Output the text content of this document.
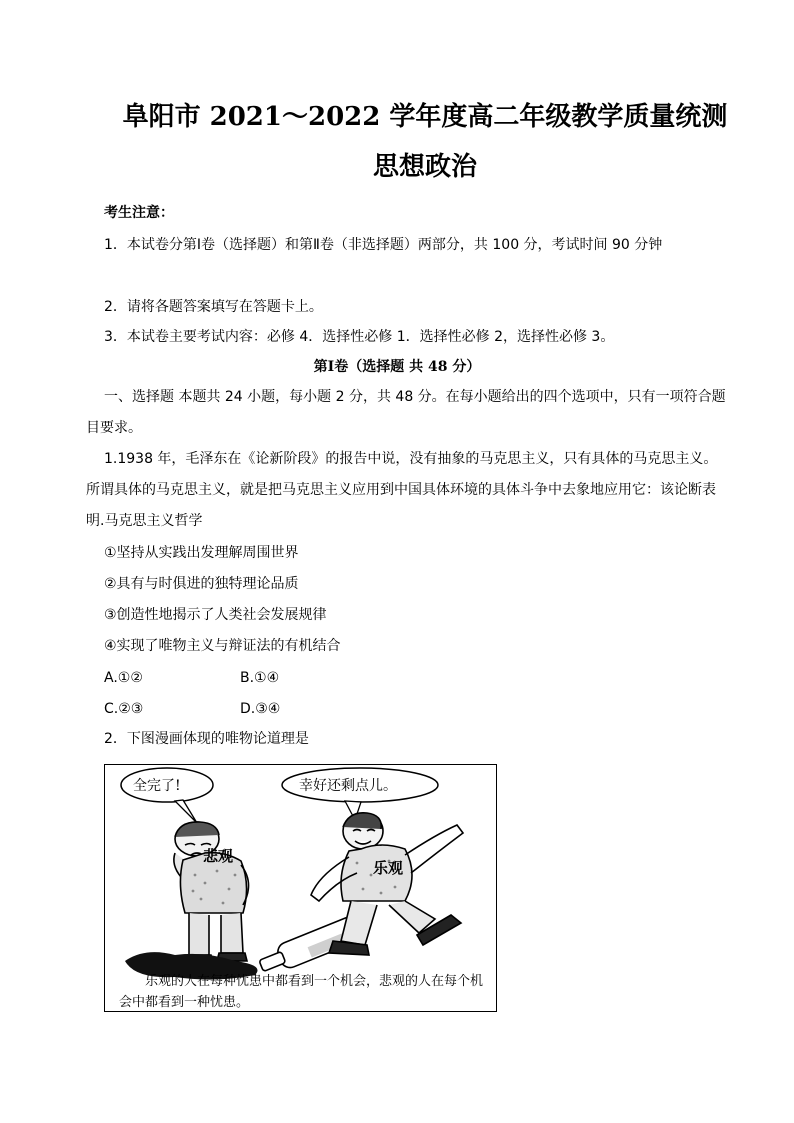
阜阳市 2021～2022 学年度高二年级教学质量统测
思想政治
考生注意：
1．本试卷分第Ⅰ卷（选择题）和第Ⅱ卷（非选择题）两部分，共 100 分，考试时间 90 分钟
2．请将各题答案填写在答题卡上。
3．本试卷主要考试内容：必修 4．选择性必修 1．选择性必修 2，选择性必修 3。
第Ⅰ卷（选择题 共 48 分）
一、选择题 本题共 24 小题，每小题 2 分，共 48 分。在每小题给出的四个选项中，只有一项符合题目要求。
1.1938 年，毛泽东在《论新阶段》的报告中说，没有抽象的马克思主义，只有具体的马克思主义。所谓具体的马克思主义，就是把马克思主义应用到中国具体环境的具体斗争中去象地应用它：该论断表明.马克思主义哲学
①坚持从实践出发理解周围世界
②具有与时俱进的独特理论品质
③创造性地揭示了人类社会发展规律
④实现了唯物主义与辩证法的有机结合
A.①②	B.①④
C.②③	D.③④
2．下图漫画体现的唯物论道理是
全完了!	幸好还剩点儿。
悲观
乐观
乐观的人在每种忧患中都看到一个机会，悲观的人在每个机会中都看到一种忧患。
